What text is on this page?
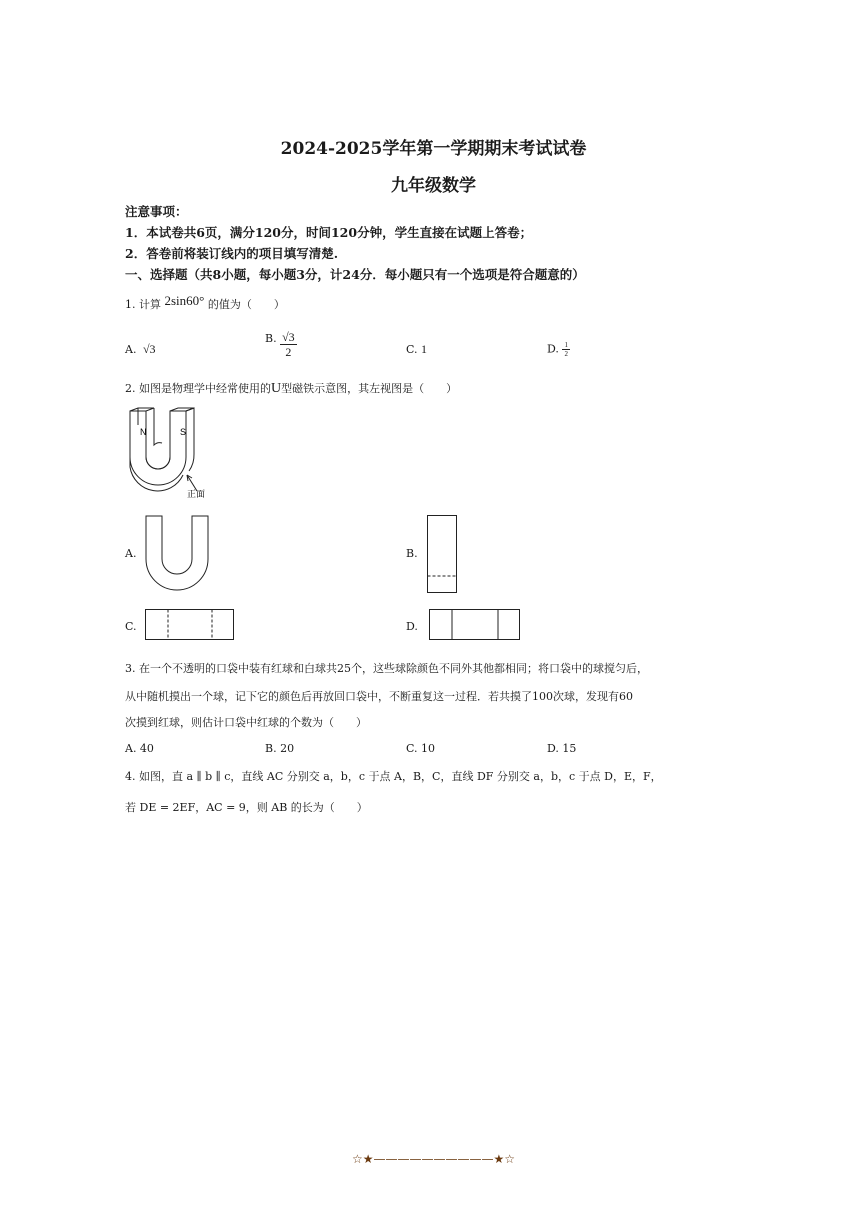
2024-2025学年第一学期期末考试试卷
九年级数学
注意事项：
1．本试卷共6页，满分120分，时间120分钟，学生直接在试题上答卷；
2．答卷前将装订线内的项目填写清楚.
一、选择题（共8小题，每小题3分，计24分．每小题只有一个选项是符合题意的）
1. 计算 2sin60° 的值为（　　）
A. √3
B. $\frac{√3}{2}$	C. 1	D. $\frac{1}{2}$
2. 如图是物理学中经常使用的U型磁铁示意图，其左视图是（　　）
N	S
正面
A.	B.
C.	D.
3. 在一个不透明的口袋中装有红球和白球共25个，这些球除颜色不同外其他都相同；将口袋中的球搅匀后，
从中随机摸出一个球，记下它的颜色后再放回口袋中，不断重复这一过程．若共摸了100次球，发现有60
次摸到红球，则估计口袋中红球的个数为（　　）
A. 40	B. 20	C. 10	D. 15
4. 如图，直 a ∥ b ∥ c，直线 AC 分别交 a，b，c 于点 A，B，C，直线 DF 分别交 a，b，c 于点 D，E，F，
若 DE = 2EF，AC = 9，则 AB 的长为（　　）
☆★——————————★☆
